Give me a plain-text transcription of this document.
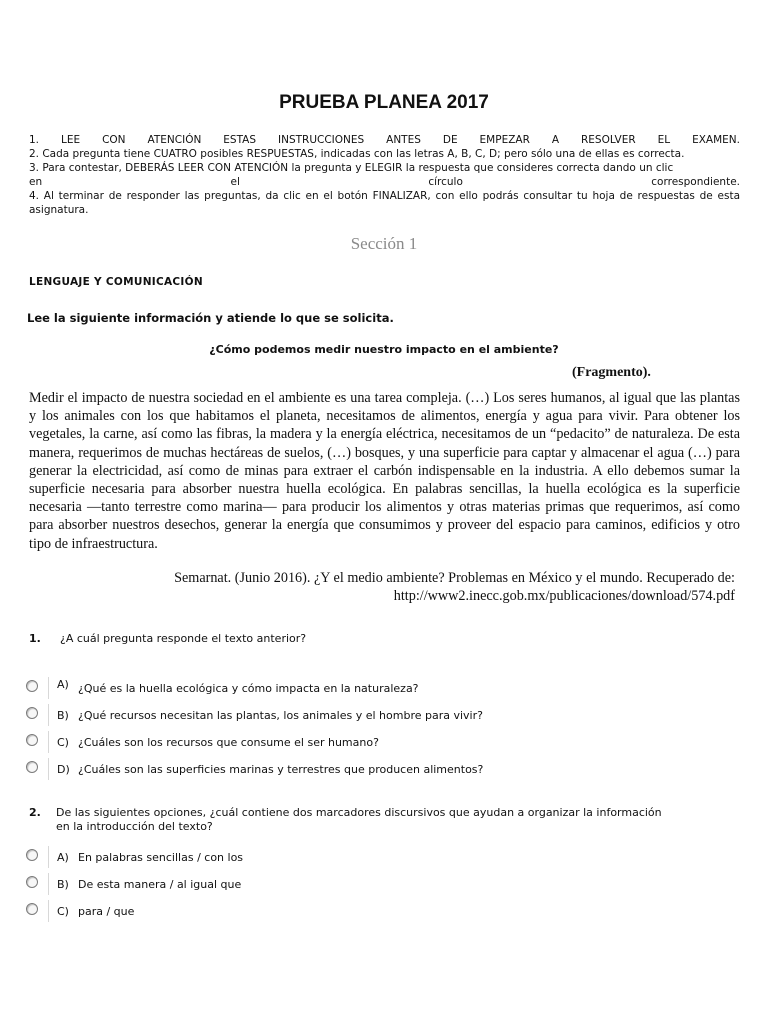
PRUEBA PLANEA 2017
1. LEE CON ATENCIÓN ESTAS INSTRUCCIONES ANTES DE EMPEZAR A RESOLVER EL EXAMEN.
2. Cada pregunta tiene CUATRO posibles RESPUESTAS, indicadas con las letras A, B, C, D; pero sólo una de ellas es correcta.
3. Para contestar, DEBERÁS LEER CON ATENCIÓN la pregunta y ELEGIR la respuesta que consideres correcta dando un clic
en el círculo correspondiente.
4. Al terminar de responder las preguntas, da clic en el botón FINALIZAR, con ello podrás consultar tu hoja de respuestas de esta asignatura.
Sección 1
LENGUAJE Y COMUNICACIÓN
Lee la siguiente información y atiende lo que se solicita.
¿Cómo podemos medir nuestro impacto en el ambiente?
(Fragmento).
Medir el impacto de nuestra sociedad en el ambiente es una tarea compleja. (…) Los seres humanos, al igual que las plantas y los animales con los que habitamos el planeta, necesitamos de alimentos, energía y agua para vivir. Para obtener los vegetales, la carne, así como las fibras, la madera y la energía eléctrica, necesitamos de un “pedacito” de naturaleza. De esta manera, requerimos de muchas hectáreas de suelos, (…) bosques, y una superficie para captar y almacenar el agua (…) para generar la electricidad, así como de minas para extraer el carbón indispensable en la industria. A ello debemos sumar la superficie necesaria para absorber nuestra huella ecológica. En palabras sencillas, la huella ecológica es la superficie necesaria —tanto terrestre como marina— para producir los alimentos y otras materias primas que requerimos, así como para absorber nuestros desechos, generar la energía que consumimos y proveer del espacio para caminos, edificios y otro tipo de infraestructura.
Semarnat. (Junio 2016). ¿Y el medio ambiente? Problemas en México y el mundo. Recuperado de:
http://www2.inecc.gob.mx/publicaciones/download/574.pdf
1. ¿A cuál pregunta responde el texto anterior?
A) ¿Qué es la huella ecológica y cómo impacta en la naturaleza?
B) ¿Qué recursos necesitan las plantas, los animales y el hombre para vivir?
C) ¿Cuáles son los recursos que consume el ser humano?
D) ¿Cuáles son las superficies marinas y terrestres que producen alimentos?
2. De las siguientes opciones, ¿cuál contiene dos marcadores discursivos que ayudan a organizar la información
en la introducción del texto?
A) En palabras sencillas / con los
B) De esta manera / al igual que
C) para / que
